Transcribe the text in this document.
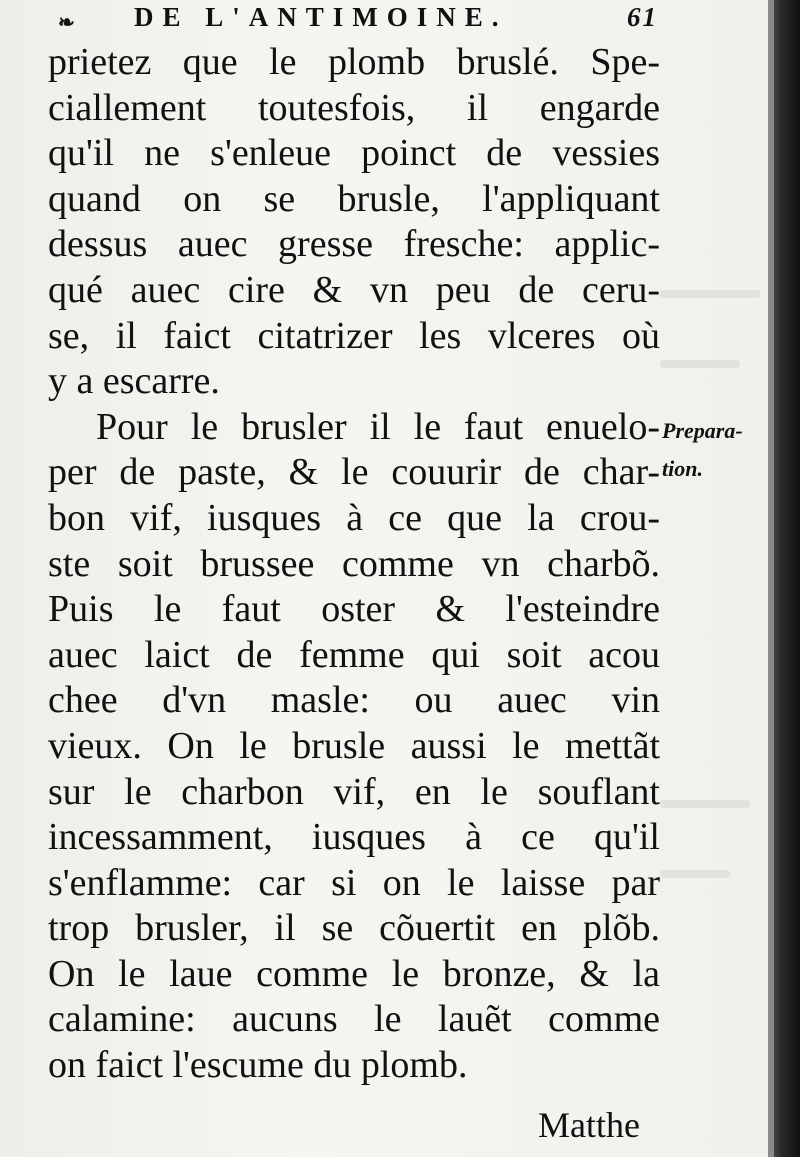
❧ DE L'ANTIMOINE.	61
prietez que le plomb bruslé. Spe-
ciallement toutesfois, il engarde
qu'il ne s'enleue poinct de vessies
quand on se brusle, l'appliquant
dessus auec gresse fresche: applic-
qué auec cire & vn peu de ceru-
se, il faict citatrizer les vlceres où
y a escarre.
Pour le brusler il le faut enuelo-
per de paste, & le couurir de char-
bon vif, iusques à ce que la crou-
ste soit brussee comme vn charbõ.
Puis le faut oster & l'esteindre
auec laict de femme qui soit acou
chee d'vn masle: ou auec vin
vieux. On le brusle aussi le mettãt
sur le charbon vif, en le souflant
incessamment, iusques à ce qu'il
s'enflamme: car si on le laisse par
trop brusler, il se cõuertit en plõb.
On le laue comme le bronze, & la
calamine: aucuns le lauẽt comme
on faict l'escume du plomb.
Prepara-
tion.
Matthe
